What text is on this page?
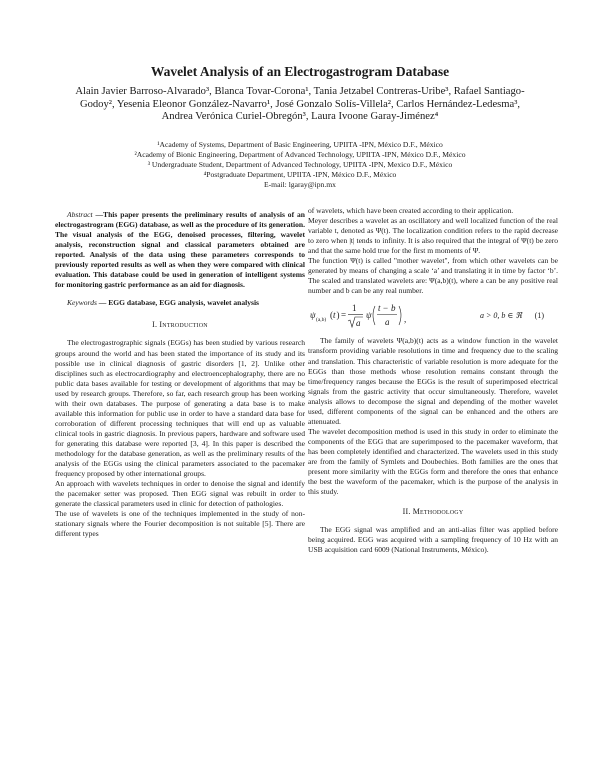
Wavelet Analysis of an Electrogastrogram Database
Alain Javier Barroso-Alvarado³, Blanca Tovar-Corona¹, Tania Jetzabel Contreras-Uribe³, Rafael Santiago-Godoy², Yesenia Eleonor González-Navarro¹, José Gonzalo Solís-Villela², Carlos Hernández-Ledesma³, Andrea Verónica Curiel-Obregón³, Laura Ivoone Garay-Jiménez⁴
¹Academy of Systems, Department of Basic Engineering, UPIITA -IPN, México D.F., México
²Academy of Bionic Engineering, Department of Advanced Technology, UPIITA -IPN, México D.F., México
³ Undergraduate Student, Department of Advanced Technology, UPIITA -IPN, Mexico D.F., México
⁴Postgraduate Department, UPIITA -IPN, México D.F., México
E-mail: lgaray@ipn.mx

Abstract —This paper presents the preliminary results of analysis of an electrogastrogram (EGG) database, as well as the procedure of its generation. The visual analysis of the EGG, denoised processes, filtering, wavelet analysis, reconstruction signal and classical parameters obtained are reported. Analysis of the data using these parameters corresponds to previously reported results as well as when they were compared with clinical evaluation. This database could be used in generation of intelligent systems for monitoring gastric performance as an aid for diagnosis.

Keywords — EGG database, EGG analysis, wavelet analysis

I. Introduction

The electrogastrographic signals (EGGs) has been studied by various research groups around the world and has been stated the importance of its study and its possible use in clinical diagnosis of gastric disorders [1, 2]. Unlike other disciplines such as electrocardiography and electroencephalography, there are no public data bases available for testing or development of algorithms that may be used by research groups. Therefore, so far, each research group has been working with their own databases. The purpose of generating a data base is to make available this information for public use in order to have a standard data base for corroboration of different processing techniques that will end up as valuable clinical tools in gastric diagnosis. In previous papers, hardware and software used for generating this database were reported [3, 4]. In this paper is described the methodology for the database generation, as well as the preliminary results of the analysis of the EGGs using the clinical parameters associated to the pacemaker frequency proposed by other international groups.

An approach with wavelets techniques in order to denoise the signal and identify the pacemaker setter was proposed. Then EGG signal was rebuilt in order to generate the classical parameters used in clinic for detection of pathologies.

The use of wavelets is one of the techniques implemented in the study of non-stationary signals where the Fourier decomposition is not suitable [5]. There are different types

of wavelets, which have been created according to their application.

Meyer describes a wavelet as an oscillatory and well localized function of the real variable t, denoted as Ψ(t). The localization condition refers to the rapid decrease to zero when |t| tends to infinity. It is also required that the integral of Ψ(t) be zero and that the same hold true for the first m moments of Ψ.

The function Ψ(t) is called "mother wavelet", from which other wavelets can be generated by means of changing a scale ‘a’ and translating it in time by factor ‘b’. The scaled and translated wavelets are: Ψ(a,b)(t), where a can be any positive real number and b can be any real number.

ψ (a,b) ( t ) =
1
a
ψ
t − b
a ,	a > 0, b ∈ ℜ (1)

The family of wavelets Ψ(a,b)(t) acts as a window function in the wavelet transform providing variable resolutions in time and frequency due to the scaling and translation. This characteristic of variable resolution is more adequate for the EGGs than those methods whose resolution remains constant through the time/frequency ranges because the EGGs is the result of superimposed electrical signals from the gastric activity that occur simultaneously. Therefore, wavelet analysis allows to decompose the signal and depending of the mother wavelet used, different components of the signal can be enhanced and the others are attenuated.

The wavelet decomposition method is used in this study in order to eliminate the components of the EGG that are superimposed to the pacemaker waveform, that has been completely identified and characterized. The wavelets used in this study are from the family of Symlets and Doubechies. Both families are the ones that present more similarity with the EGGs form and therefore the ones that enhance the best the waveform of the pacemaker, which is the purpose of the analysis in this study.

II. Methodology

The EGG signal was amplified and an anti-alias filter was applied before being acquired. EGG was acquired with a sampling frequency of 10 Hz with an USB acquisition card 6009 (National Instruments, México).
